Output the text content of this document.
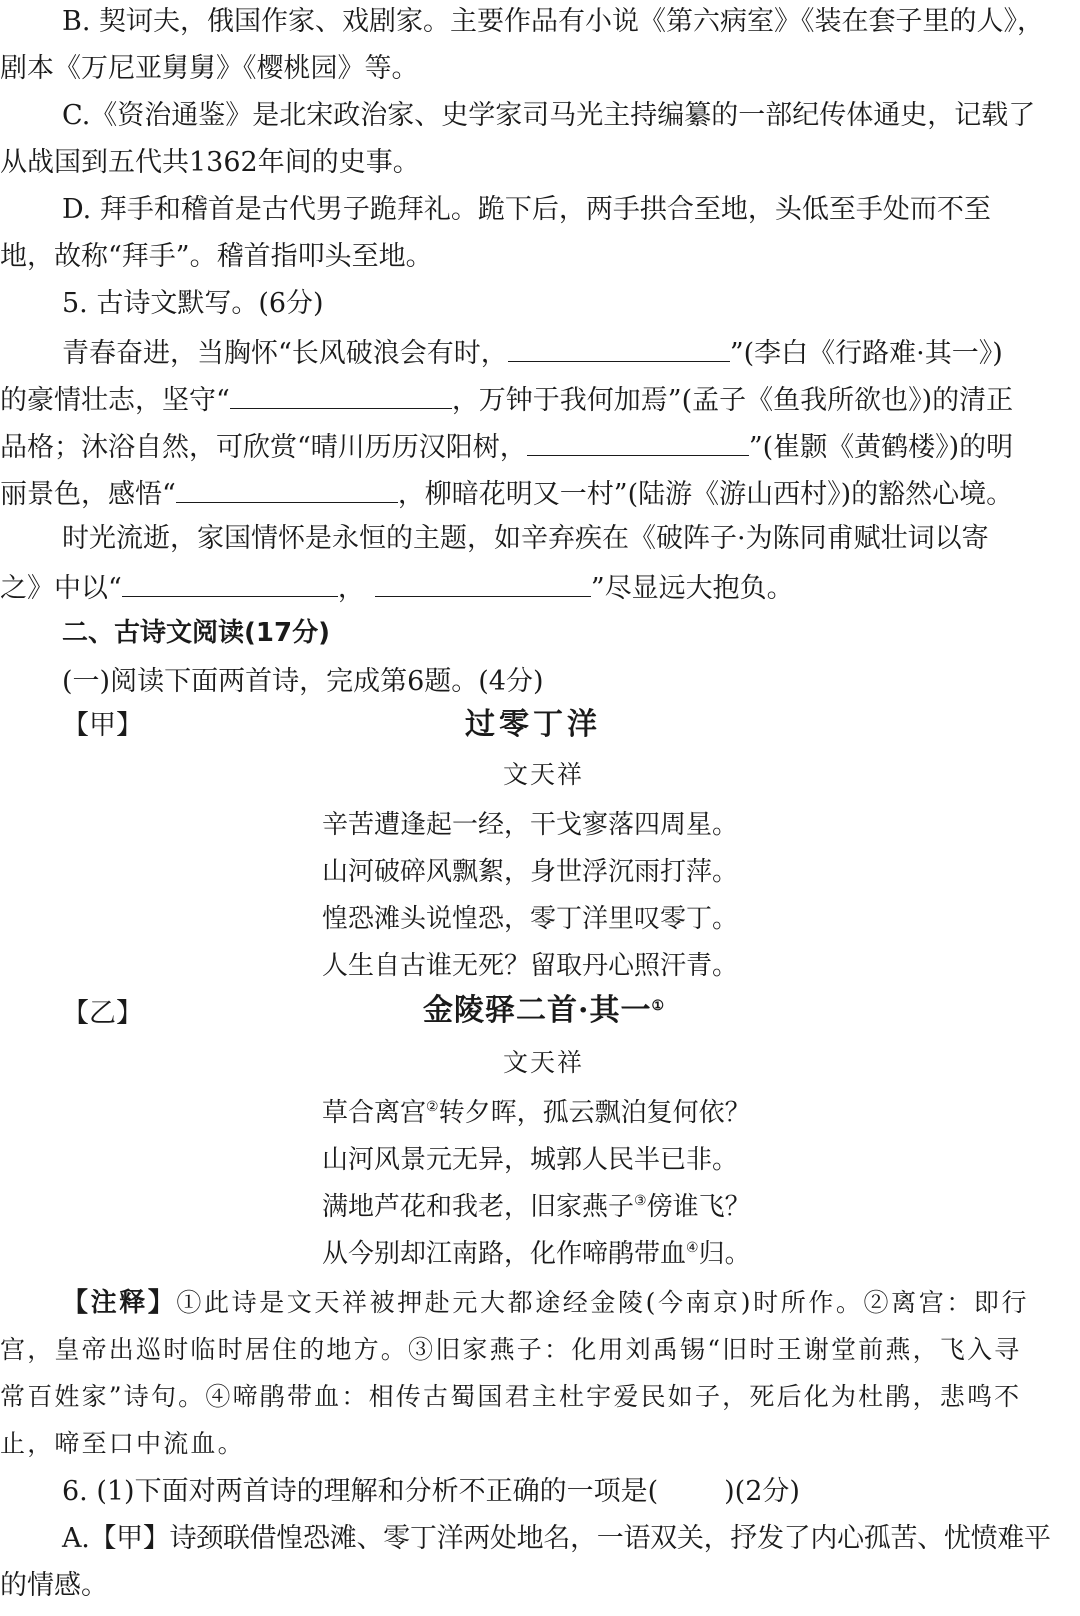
B. 契诃夫，俄国作家、戏剧家。主要作品有小说《第六病室》《装在套子里的人》，
剧本《万尼亚舅舅》《樱桃园》等。
C.《资治通鉴》是北宋政治家、史学家司马光主持编纂的一部纪传体通史，记载了
从战国到五代共1362年间的史事。
D. 拜手和稽首是古代男子跪拜礼。跪下后，两手拱合至地，头低至手处而不至
地，故称“拜手”。稽首指叩头至地。
5. 古诗文默写。(6分)
青春奋进，当胸怀“长风破浪会有时，	”(李白《行路难·其一》)
的豪情壮志，坚守“	，万钟于我何加焉”(孟子《鱼我所欲也》)的清正
品格；沐浴自然，可欣赏“晴川历历汉阳树，	”(崔颢《黄鹤楼》)的明
丽景色，感悟“	，柳暗花明又一村”(陆游《游山西村》)的豁然心境。
时光流逝，家国情怀是永恒的主题，如辛弃疾在《破阵子·为陈同甫赋壮词以寄
之》中以“	，	”尽显远大抱负。
二、古诗文阅读(17分)
(一)阅读下面两首诗，完成第6题。(4分)
【甲】	过零丁洋
文天祥
辛苦遭逢起一经，干戈寥落四周星。
山河破碎风飘絮，身世浮沉雨打萍。
惶恐滩头说惶恐，零丁洋里叹零丁。
人生自古谁无死？留取丹心照汗青。
【乙】	金陵驿二首·其一①
文天祥
草合离宫②转夕晖，孤云飘泊复何依？
山河风景元无异，城郭人民半已非。
满地芦花和我老，旧家燕子③傍谁飞？
从今别却江南路，化作啼鹃带血④归。
【注释】①此诗是文天祥被押赴元大都途经金陵(今南京)时所作。②离宫：即行
宫，皇帝出巡时临时居住的地方。③旧家燕子：化用刘禹锡“旧时王谢堂前燕，飞入寻
常百姓家”诗句。④啼鹃带血：相传古蜀国君主杜宇爱民如子，死后化为杜鹃，悲鸣不
止，啼至口中流血。
6. (1)下面对两首诗的理解和分析不正确的一项是( )(2分)
A.【甲】诗颈联借惶恐滩、零丁洋两处地名，一语双关，抒发了内心孤苦、忧愤难平
的情感。
